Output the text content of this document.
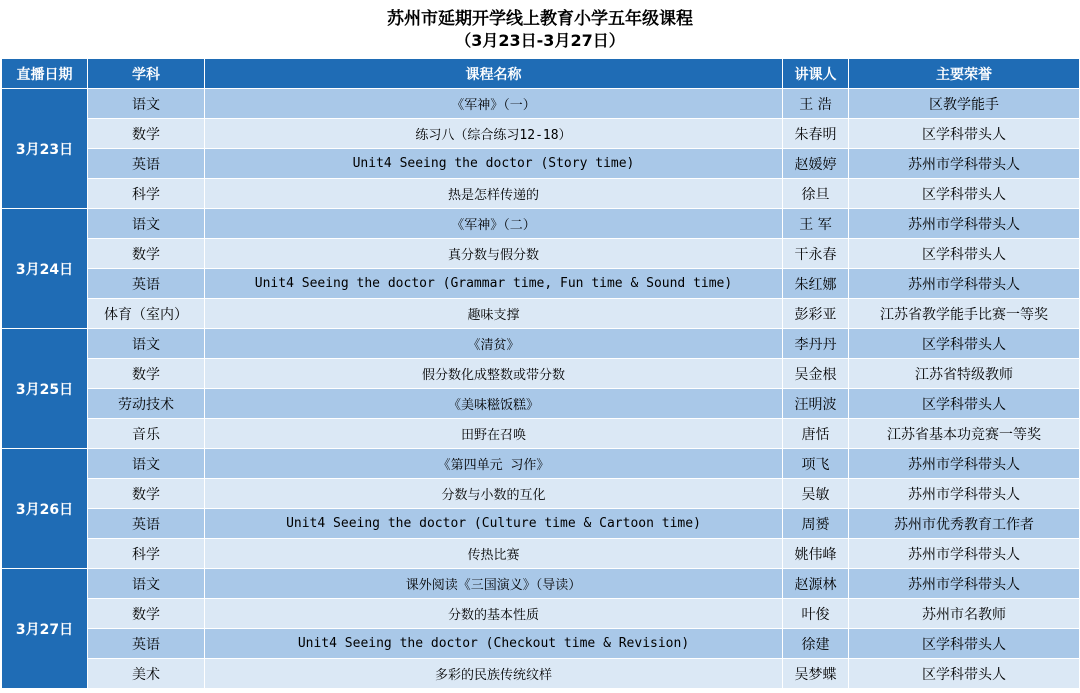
苏州市延期开学线上教育小学五年级课程
（3月23日-3月27日）
直播日期	学科	课程名称	讲课人	主要荣誉
3月23日	语文	《军神》（一）	王 浩	区教学能手
	数学	练习八（综合练习12-18）	朱春明	区学科带头人
	英语	Unit4 Seeing the doctor (Story time)	赵媛婷	苏州市学科带头人
	科学	热是怎样传递的	徐旦	区学科带头人
3月24日	语文	《军神》（二）	王 军	苏州市学科带头人
	数学	真分数与假分数	干永春	区学科带头人
	英语	Unit4 Seeing the doctor (Grammar time, Fun time & Sound time)	朱红娜	苏州市学科带头人
	体育（室内）	趣味支撑	彭彩亚	江苏省教学能手比赛一等奖
3月25日	语文	《清贫》	李丹丹	区学科带头人
	数学	假分数化成整数或带分数	吴金根	江苏省特级教师
	劳动技术	《美味糍饭糕》	汪明波	区学科带头人
	音乐	田野在召唤	唐恬	江苏省基本功竞赛一等奖
3月26日	语文	《第四单元 习作》	项飞	苏州市学科带头人
	数学	分数与小数的互化	吴敏	苏州市学科带头人
	英语	Unit4 Seeing the doctor (Culture time & Cartoon time)	周赟	苏州市优秀教育工作者
	科学	传热比赛	姚伟峰	苏州市学科带头人
3月27日	语文	课外阅读《三国演义》（导读）	赵源林	苏州市学科带头人
	数学	分数的基本性质	叶俊	苏州市名教师
	英语	Unit4 Seeing the doctor (Checkout time & Revision)	徐建	区学科带头人
	美术	多彩的民族传统纹样	吴梦蝶	区学科带头人
